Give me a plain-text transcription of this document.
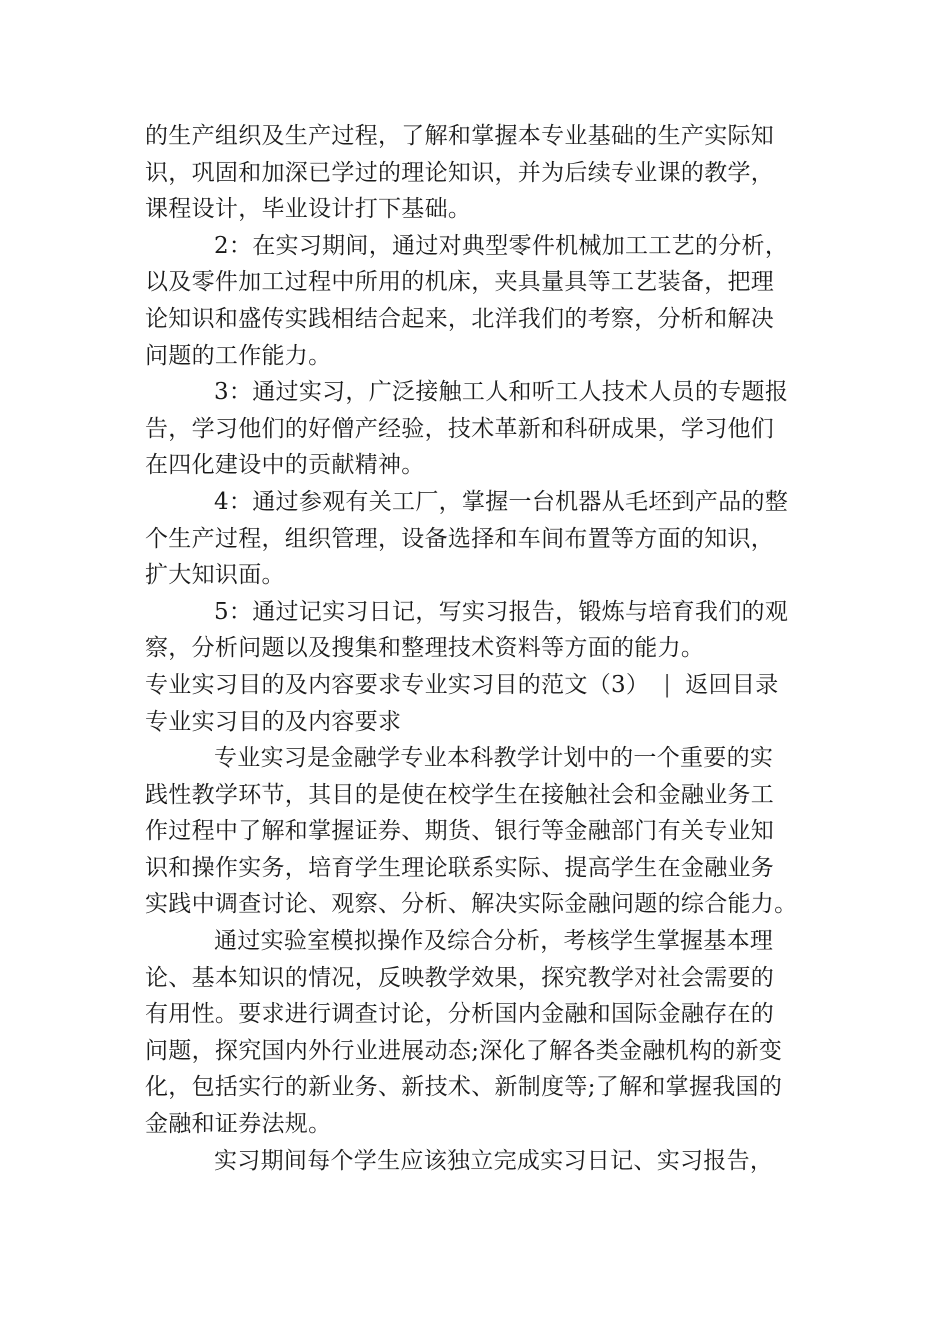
的生产组织及生产过程，了解和掌握本专业基础的生产实际知
识，巩固和加深已学过的理论知识，并为后续专业课的教学，
课程设计，毕业设计打下基础。
2：在实习期间，通过对典型零件机械加工工艺的分析，
以及零件加工过程中所用的机床，夹具量具等工艺装备，把理
论知识和盛传实践相结合起来，北洋我们的考察，分析和解决
问题的工作能力。
3：通过实习，广泛接触工人和听工人技术人员的专题报
告，学习他们的好僧产经验，技术革新和科研成果，学习他们
在四化建设中的贡献精神。
4：通过参观有关工厂，掌握一台机器从毛坯到产品的整
个生产过程，组织管理，设备选择和车间布置等方面的知识，
扩大知识面。
5：通过记实习日记，写实习报告，锻炼与培育我们的观
察，分析问题以及搜集和整理技术资料等方面的能力。
专业实习目的及内容要求专业实习目的范文（3） | 返回目录
专业实习目的及内容要求
专业实习是金融学专业本科教学计划中的一个重要的实
践性教学环节，其目的是使在校学生在接触社会和金融业务工
作过程中了解和掌握证券、期货、银行等金融部门有关专业知
识和操作实务，培育学生理论联系实际、提高学生在金融业务
实践中调查讨论、观察、分析、解决实际金融问题的综合能力。
通过实验室模拟操作及综合分析，考核学生掌握基本理
论、基本知识的情况，反映教学效果，探究教学对社会需要的
有用性。要求进行调查讨论，分析国内金融和国际金融存在的
问题，探究国内外行业进展动态;深化了解各类金融机构的新变
化，包括实行的新业务、新技术、新制度等;了解和掌握我国的
金融和证券法规。
实习期间每个学生应该独立完成实习日记、实习报告，
